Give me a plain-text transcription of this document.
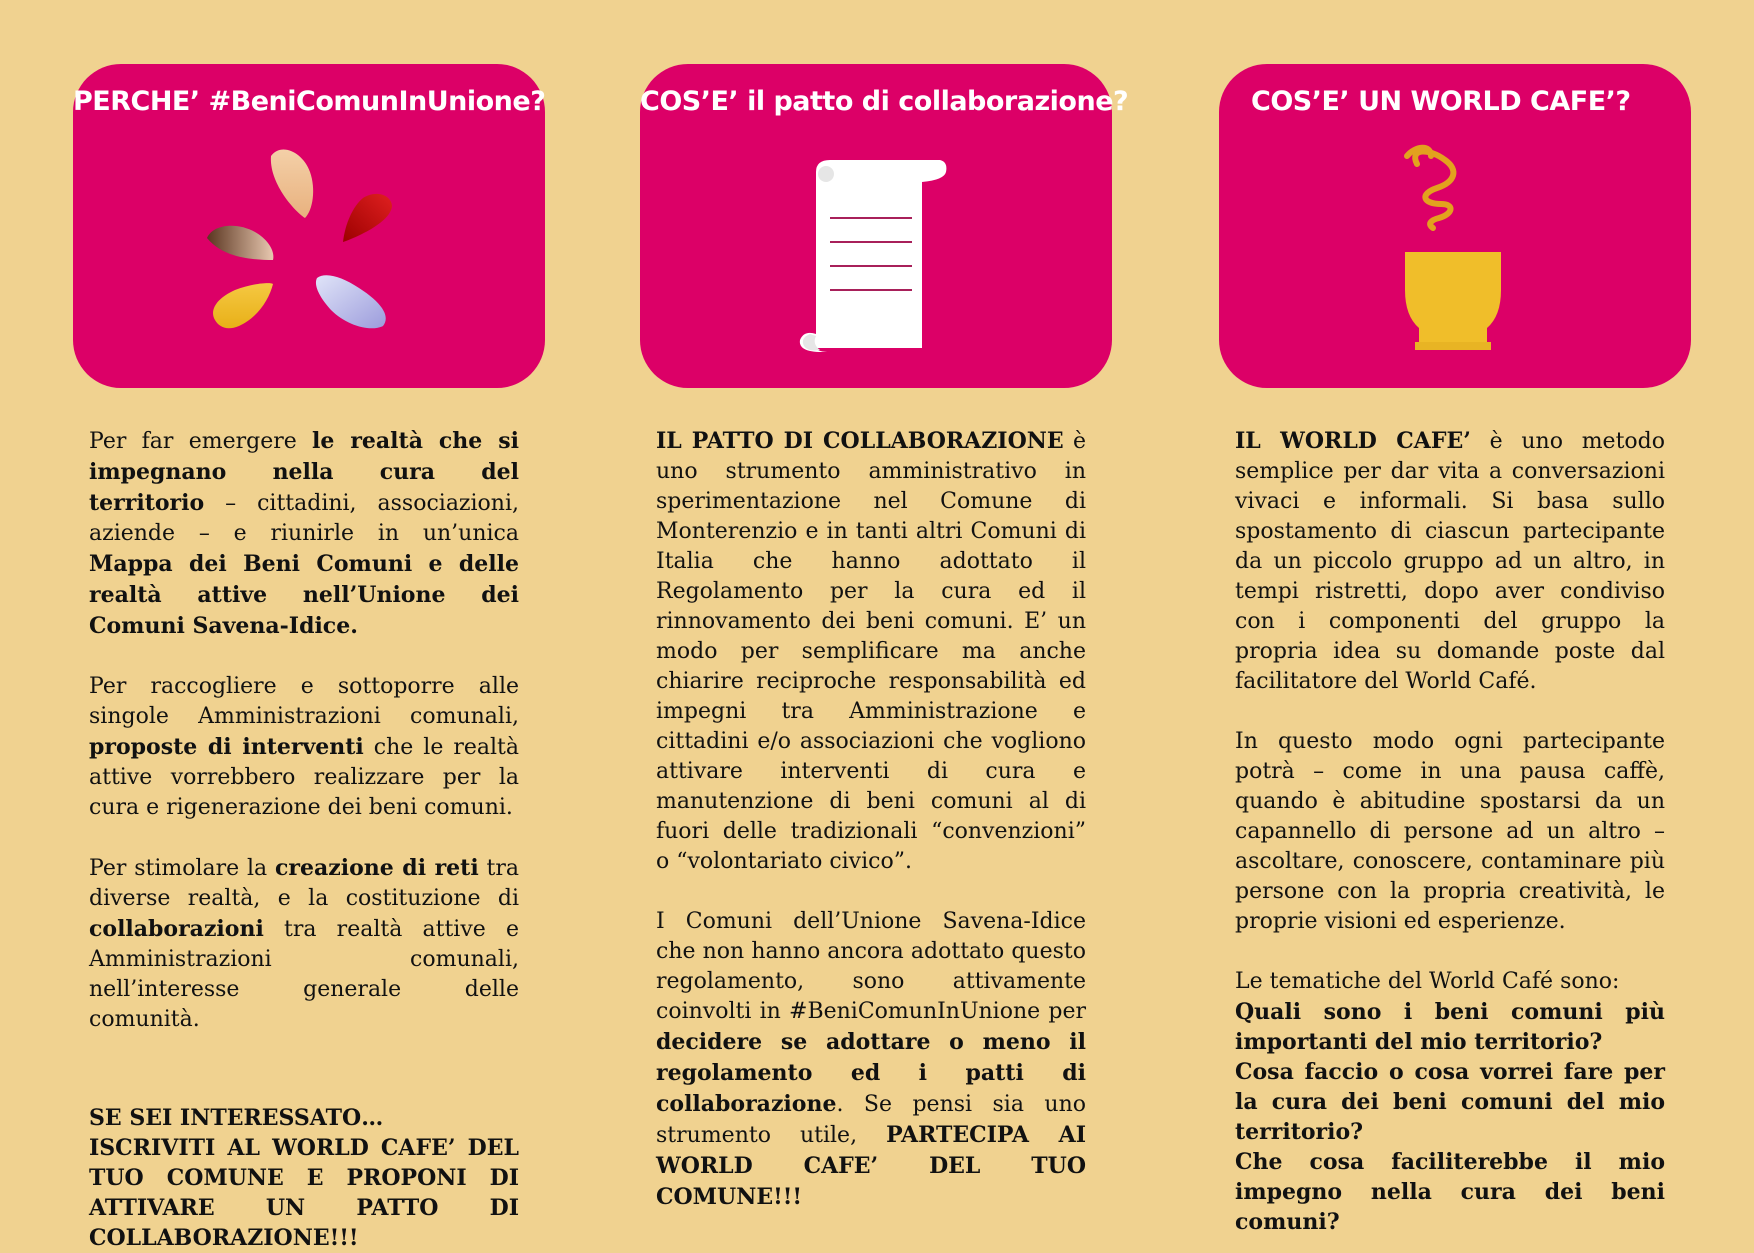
PERCHE’ #BeniComunInUnione?

Per far emergere le realtà che si impegnano nella cura del territorio – cittadini, associazioni, aziende – e riunirle in un’unica Mappa dei Beni Comuni e delle realtà attive nell’Unione dei Comuni Savena-Idice.

Per raccogliere e sottoporre alle singole Amministrazioni comunali, proposte di interventi che le realtà attive vorrebbero realizzare per la cura e rigenerazione dei beni comuni.

Per stimolare la creazione di reti tra diverse realtà, e la costituzione di collaborazioni tra realtà attive e Amministrazioni comunali, nell’interesse generale delle comunità.

SE SEI INTERESSATO…
ISCRIVITI AL WORLD CAFE’ DEL TUO COMUNE E PROPONI DI ATTIVARE UN PATTO DI COLLABORAZIONE!!!
COS’E’ il patto di collaborazione?

IL PATTO DI COLLABORAZIONE è uno strumento amministrativo in sperimentazione nel Comune di Monterenzio e in tanti altri Comuni di Italia che hanno adottato il Regolamento per la cura ed il rinnovamento dei beni comuni. E’ un modo per semplificare ma anche chiarire reciproche responsabilità ed impegni tra Amministrazione e cittadini e/o associazioni che vogliono attivare interventi di cura e manutenzione di beni comuni al di fuori delle tradizionali “convenzioni” o “volontariato civico”.

I Comuni dell’Unione Savena-Idice che non hanno ancora adottato questo regolamento, sono attivamente coinvolti in #BeniComunInUnione per decidere se adottare o meno il regolamento ed i patti di collaborazione. Se pensi sia uno strumento utile, PARTECIPA AI WORLD CAFE’ DEL TUO COMUNE!!!

COS’E’ UN WORLD CAFE’?

IL WORLD CAFE’ è uno metodo semplice per dar vita a conversazioni vivaci e informali. Si basa sullo spostamento di ciascun partecipante da un piccolo gruppo ad un altro, in tempi ristretti, dopo aver condiviso con i componenti del gruppo la propria idea su domande poste dal facilitatore del World Café.

In questo modo ogni partecipante potrà – come in una pausa caffè, quando è abitudine spostarsi da un capannello di persone ad un altro – ascoltare, conoscere, contaminare più persone con la propria creatività, le proprie visioni ed esperienze.

Le tematiche del World Café sono:
Quali sono i beni comuni più importanti del mio territorio?
Cosa faccio o cosa vorrei fare per la cura dei beni comuni del mio territorio?
Che cosa faciliterebbe il mio impegno nella cura dei beni comuni?
